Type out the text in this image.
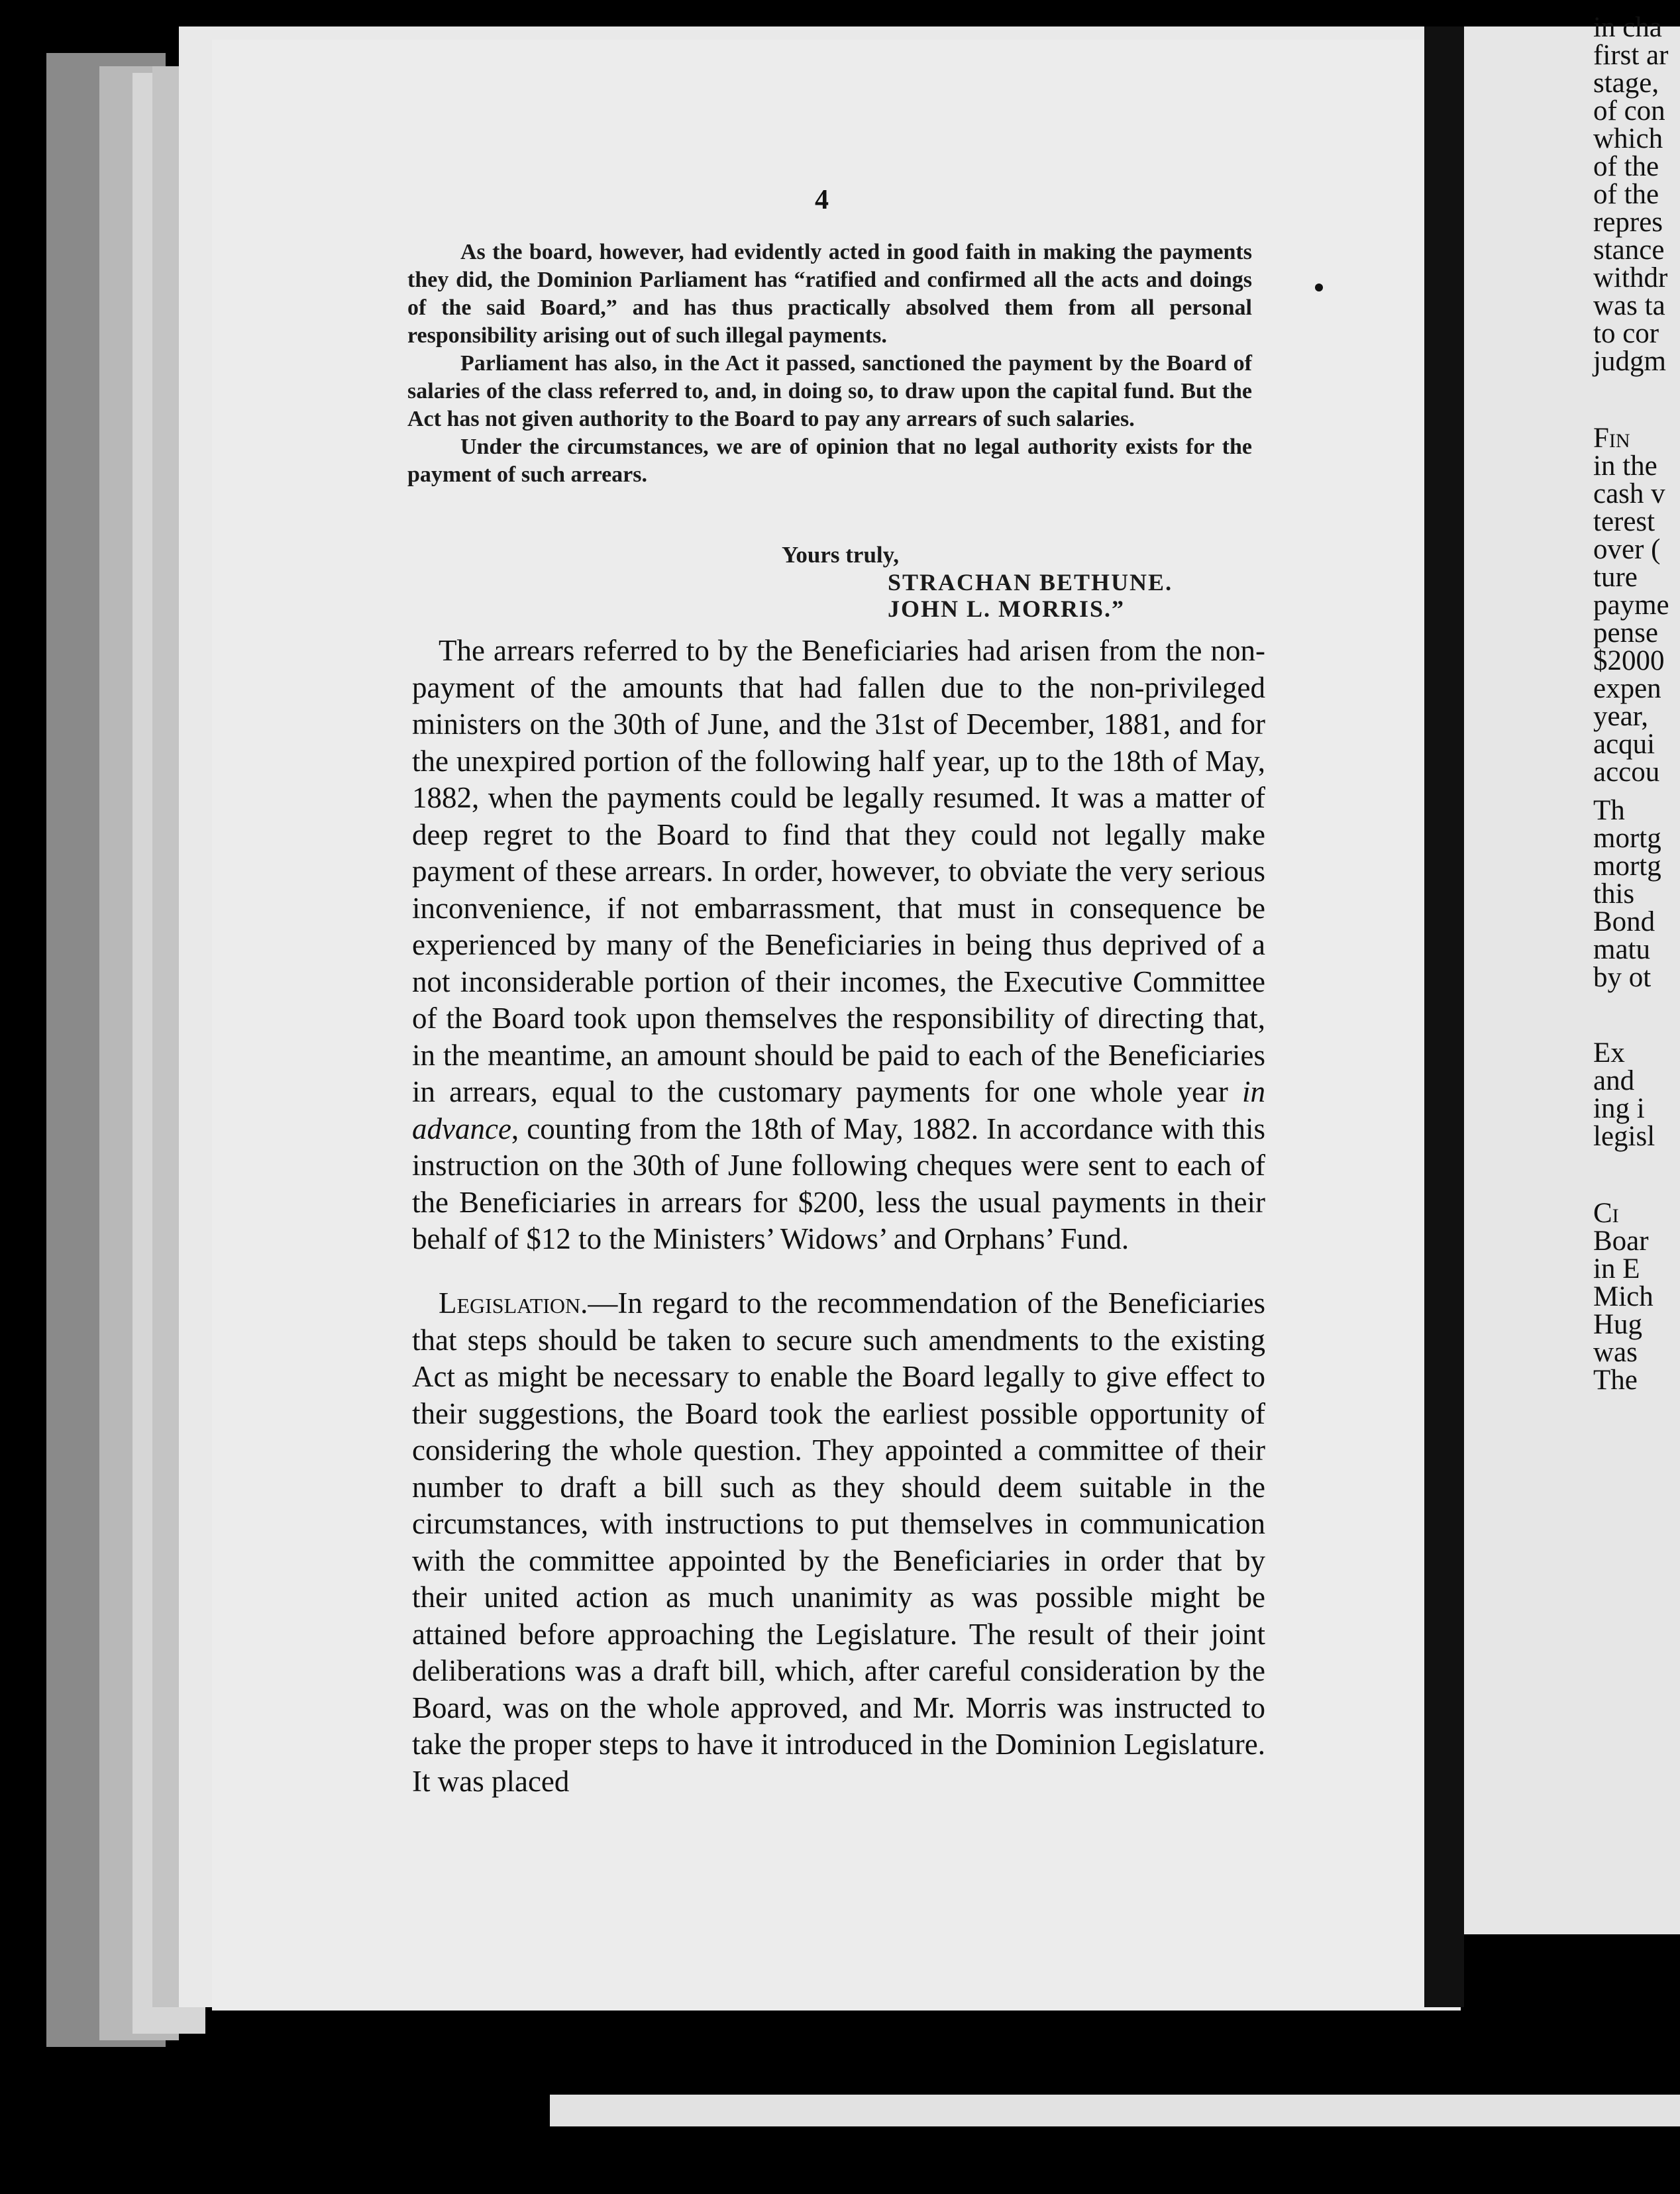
4

As the board, however, had evidently acted in good faith in making the payments they did, the Dominion Parliament has “ratified and confirmed all the acts and doings of the said Board,” and has thus practically absolved them from all personal responsibility arising out of such illegal payments.

Parliament has also, in the Act it passed, sanctioned the payment by the Board of salaries of the class referred to, and, in doing so, to draw upon the capital fund. But the Act has not given authority to the Board to pay any arrears of such salaries.

Under the circumstances, we are of opinion that no legal authority exists for the payment of such arrears.

Yours truly,
STRACHAN BETHUNE.
JOHN L. MORRIS.”

The arrears referred to by the Beneficiaries had arisen from the non-payment of the amounts that had fallen due to the non-privileged ministers on the 30th of June, and the 31st of December, 1881, and for the unexpired portion of the following half year, up to the 18th of May, 1882, when the payments could be legally resumed. It was a matter of deep regret to the Board to find that they could not legally make payment of these arrears. In order, however, to obviate the very serious inconvenience, if not embarrassment, that must in consequence be experienced by many of the Beneficiaries in being thus deprived of a not inconsiderable portion of their incomes, the Executive Committee of the Board took upon themselves the responsibility of directing that, in the meantime, an amount should be paid to each of the Beneficiaries in arrears, equal to the customary payments for one whole year in advance, counting from the 18th of May, 1882. In accordance with this instruction on the 30th of June following cheques were sent to each of the Beneficiaries in arrears for $200, less the usual payments in their behalf of $12 to the Ministers’ Widows’ and Orphans’ Fund.

Legislation.—In regard to the recommendation of the Beneficiaries that steps should be taken to secure such amendments to the existing Act as might be necessary to enable the Board legally to give effect to their suggestions, the Board took the earliest possible opportunity of considering the whole question. They appointed a committee of their number to draft a bill such as they should deem suitable in the circumstances, with instructions to put themselves in communication with the committee appointed by the Beneficiaries in order that by their united action as much unanimity as was possible might be attained before approaching the Legislature. The result of their joint deliberations was a draft bill, which, after careful consideration by the Board, was on the whole approved, and Mr. Morris was instructed to take the proper steps to have it introduced in the Dominion Legislature. It was placed

in cha
first ar
stage,
of con
which
of the
of the
repres
stance
withdr
was ta
to cor
judgm
Fin
in the
cash v
terest
over (
ture
payme
pense
$2000
expen
year,
acqui
accou
Th
mortg
mortg
this
Bond
matu
by ot
Ex
and
ing i
legisl
Ci
Boar
in E
Mich
Hug
was
The
